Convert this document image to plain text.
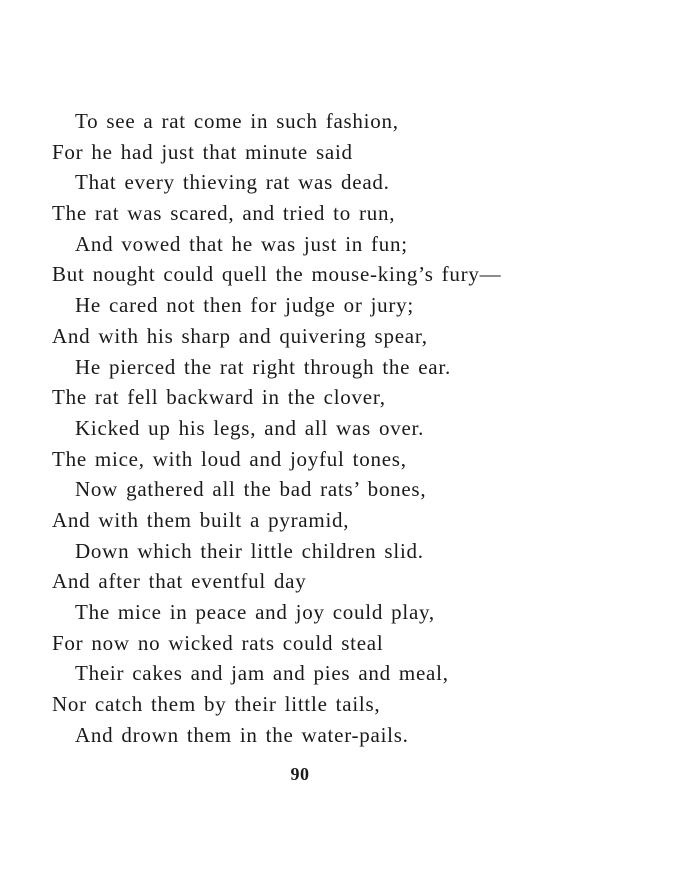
To see a rat come in such fashion,
For he had just that minute said
That every thieving rat was dead.
The rat was scared, and tried to run,
And vowed that he was just in fun;
But nought could quell the mouse-king’s fury—
He cared not then for judge or jury;
And with his sharp and quivering spear,
He pierced the rat right through the ear.
The rat fell backward in the clover,
Kicked up his legs, and all was over.
The mice, with loud and joyful tones,
Now gathered all the bad rats’ bones,
And with them built a pyramid,
Down which their little children slid.
And after that eventful day
The mice in peace and joy could play,
For now no wicked rats could steal
Their cakes and jam and pies and meal,
Nor catch them by their little tails,
And drown them in the water-pails.
90
